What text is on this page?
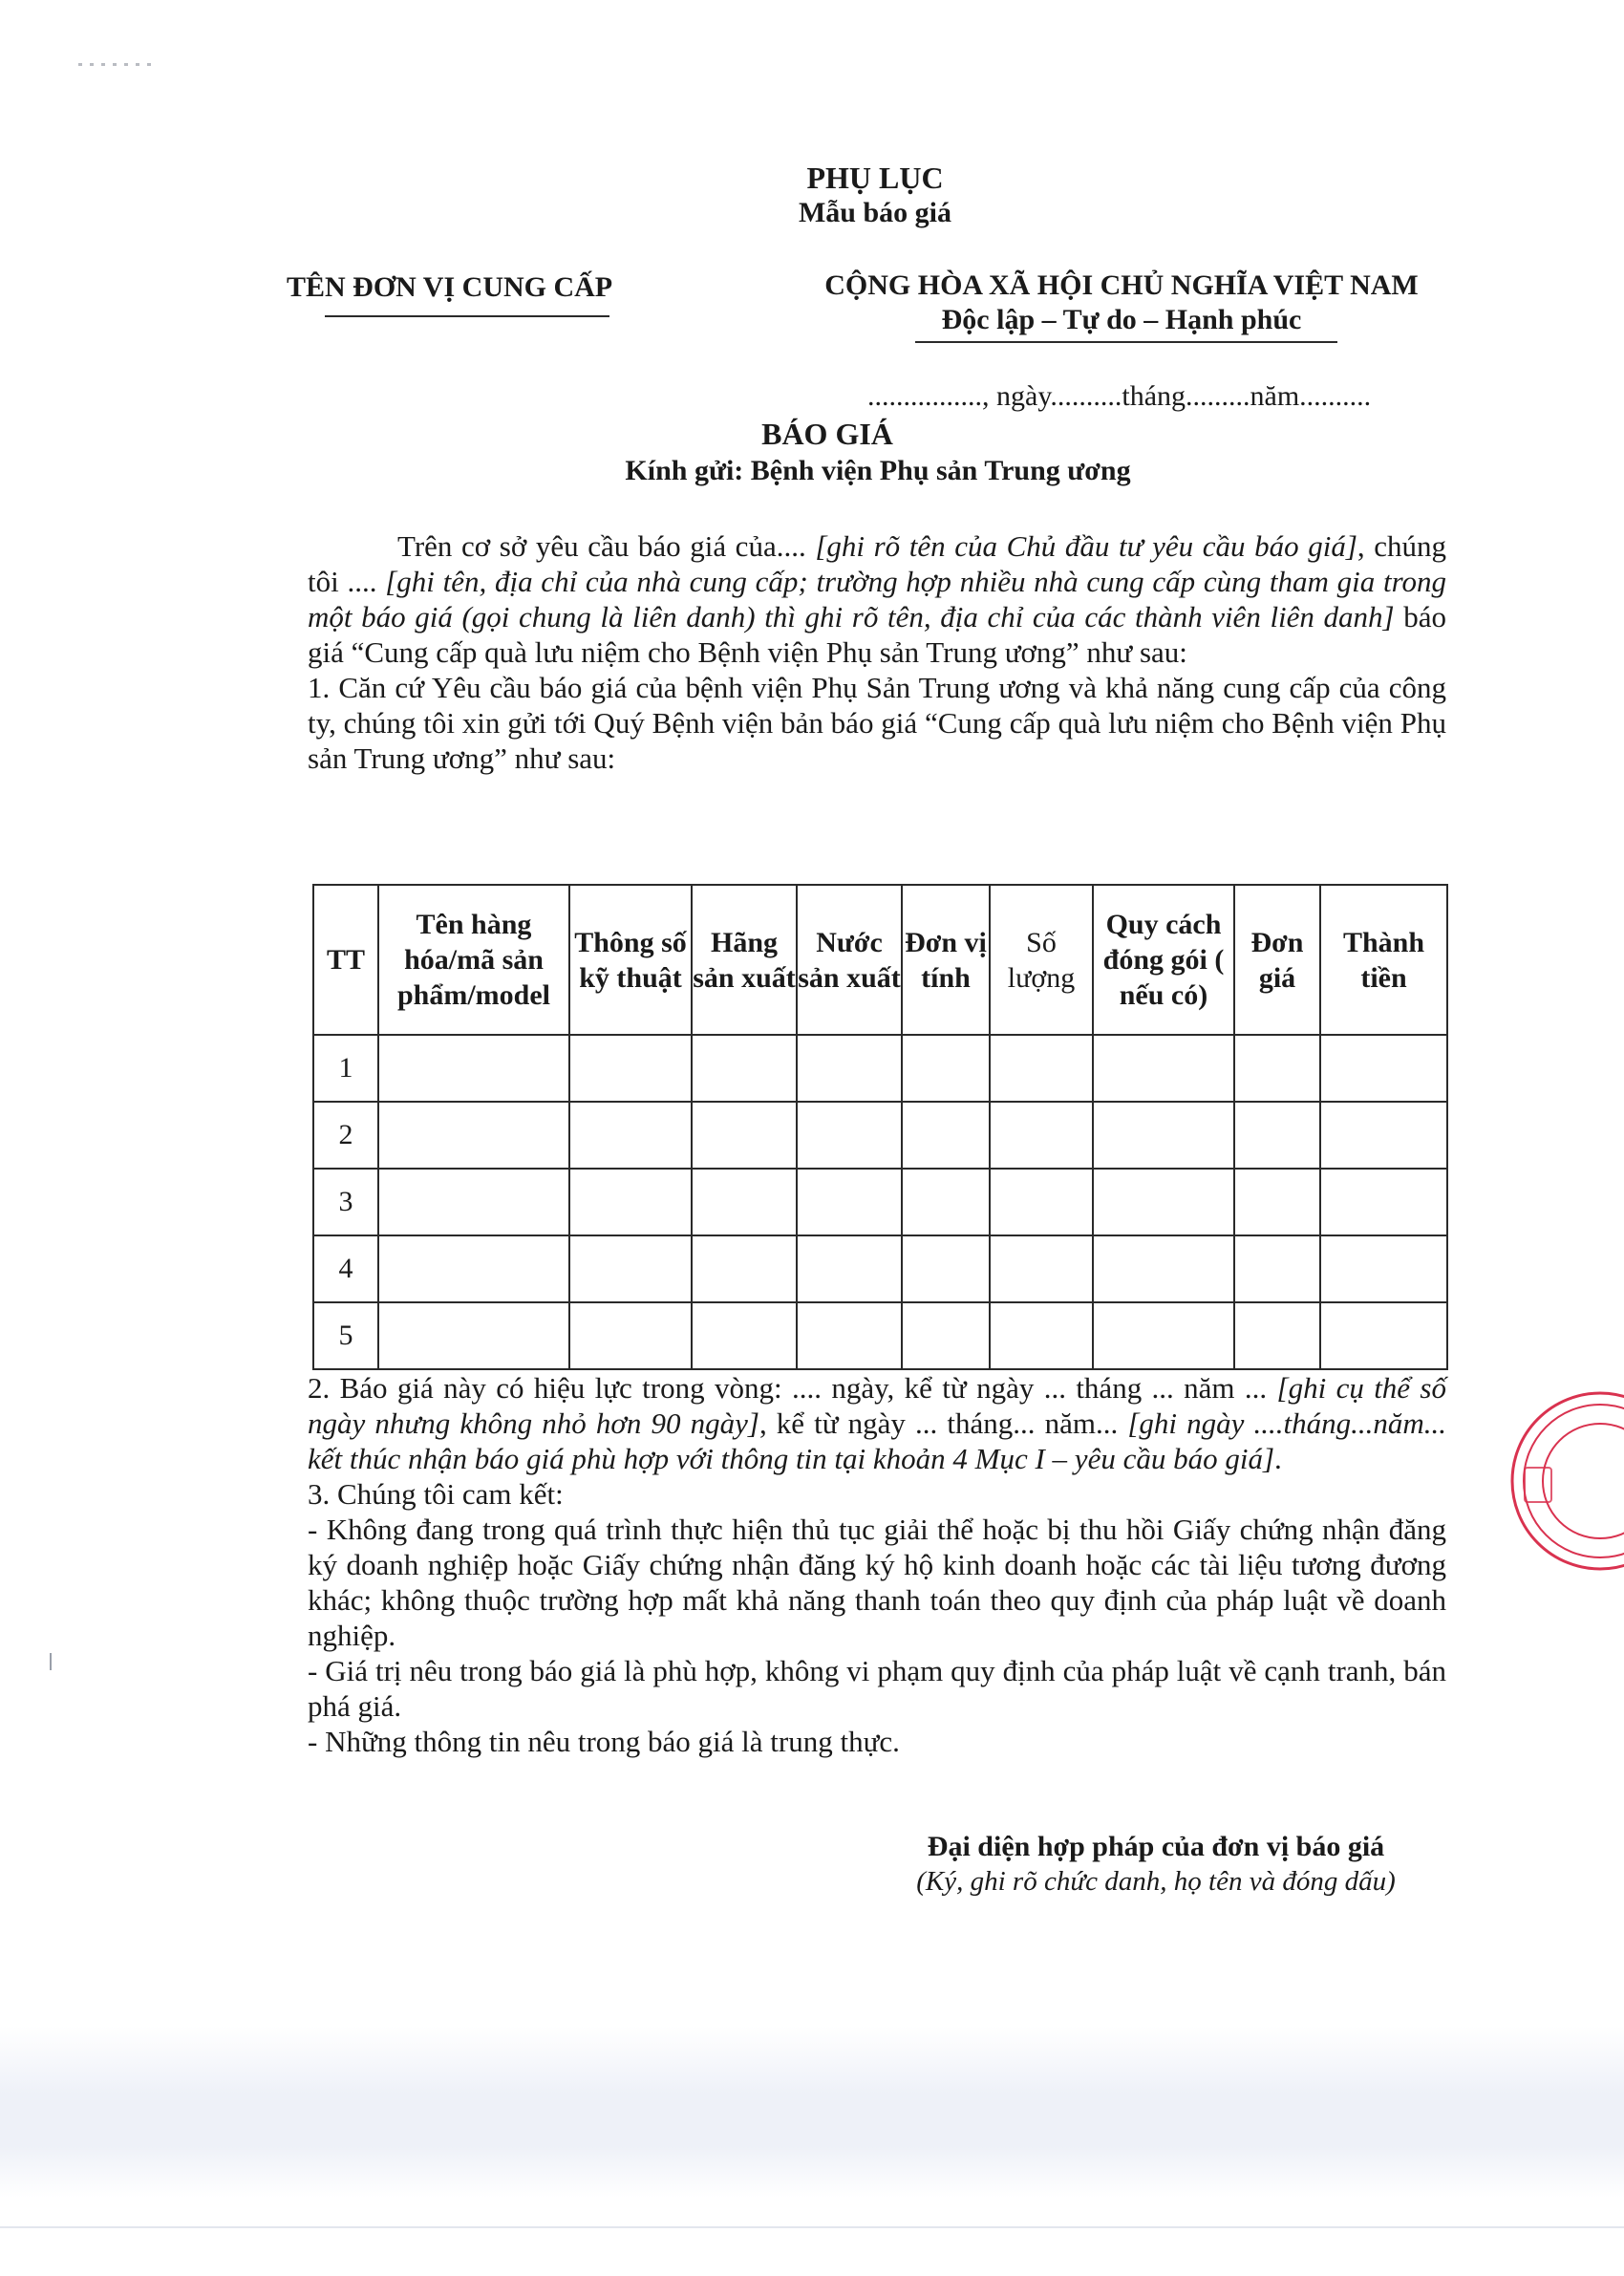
PHỤ LỤC
Mẫu báo giá
TÊN ĐƠN VỊ CUNG CẤP	CỘNG HÒA XÃ HỘI CHỦ NGHĨA VIỆT NAM
Độc lập – Tự do – Hạnh phúc
................, ngày..........tháng.........năm..........
BÁO GIÁ
Kính gửi: Bệnh viện Phụ sản Trung ương

Trên cơ sở yêu cầu báo giá của.... [ghi rõ tên của Chủ đầu tư yêu cầu báo giá], chúng tôi .... [ghi tên, địa chỉ của nhà cung cấp; trường hợp nhiều nhà cung cấp cùng tham gia trong một báo giá (gọi chung là liên danh) thì ghi rõ tên, địa chỉ của các thành viên liên danh] báo giá “Cung cấp quà lưu niệm cho Bệnh viện Phụ sản Trung ương” như sau:

1. Căn cứ Yêu cầu báo giá của bệnh viện Phụ Sản Trung ương và khả năng cung cấp của công ty, chúng tôi xin gửi tới Quý Bệnh viện bản báo giá “Cung cấp quà lưu niệm cho Bệnh viện Phụ sản Trung ương” như sau:

TT	Tên hàng hóa/mã sản phẩm/model	Thông số kỹ thuật	Hãng sản xuất	Nước sản xuất	Đơn vị tính	Số lượng	Quy cách đóng gói ( nếu có)	Đơn giá	Thành tiền
1									
2									
3									
4									
5									

2. Báo giá này có hiệu lực trong vòng: .... ngày, kể từ ngày ... tháng ... năm ... [ghi cụ thể số ngày nhưng không nhỏ hơn 90 ngày], kể từ ngày ... tháng... năm... [ghi ngày ....tháng...năm... kết thúc nhận báo giá phù hợp với thông tin tại khoản 4 Mục I – yêu cầu báo giá].

3. Chúng tôi cam kết:

- Không đang trong quá trình thực hiện thủ tục giải thể hoặc bị thu hồi Giấy chứng nhận đăng ký doanh nghiệp hoặc Giấy chứng nhận đăng ký hộ kinh doanh hoặc các tài liệu tương đương khác; không thuộc trường hợp mất khả năng thanh toán theo quy định của pháp luật về doanh nghiệp.

- Giá trị nêu trong báo giá là phù hợp, không vi phạm quy định của pháp luật về cạnh tranh, bán phá giá.

- Những thông tin nêu trong báo giá là trung thực.

Đại diện hợp pháp của đơn vị báo giá
(Ký, ghi rõ chức danh, họ tên và đóng dấu)
